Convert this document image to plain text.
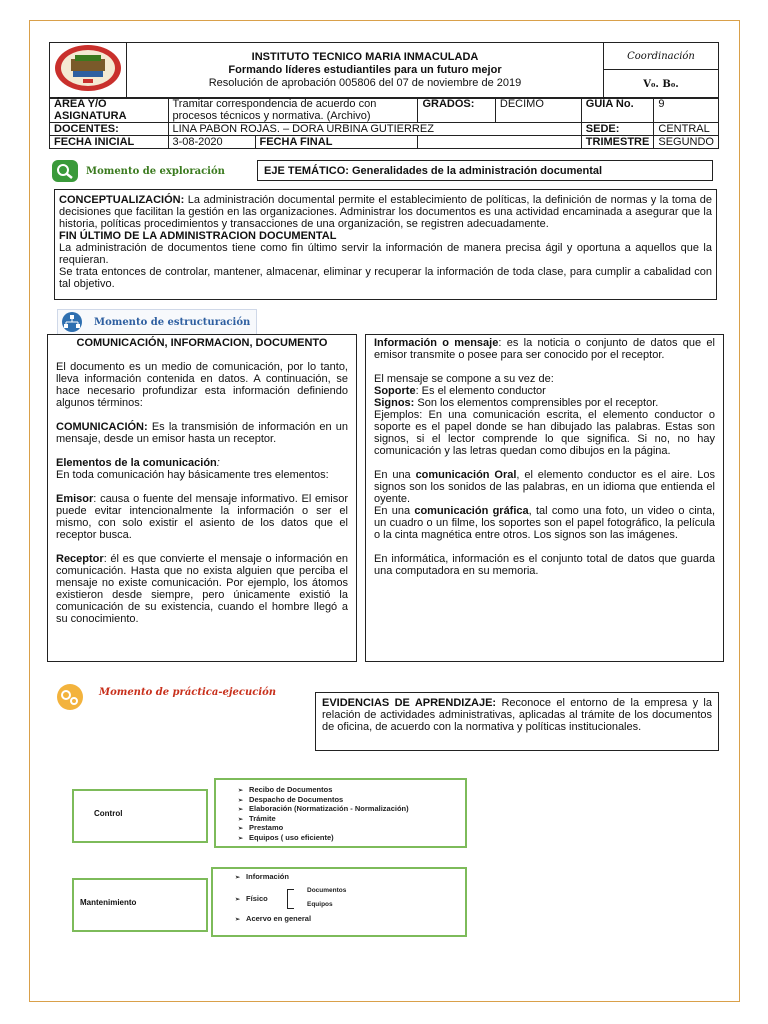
INSTITUTO TECNICO MARIA INMACULADA
Formando líderes estudiantiles para un futuro mejor
Resolución de aprobación 005806 del 07 de noviembre de 2019
	Coordinación
V₀. B₀.
ÁREA Y/O ASIGNATURA	Tramitar correspondencia de acuerdo con procesos técnicos y normativa. (Archivo)	GRADOS:	DECIMO	GUÍA No.	9
DOCENTES:	LINA PABON ROJAS. – DORA URBINA GUTIERREZ			SEDE:	CENTRAL
FECHA INICIAL	3-08-2020 FECHA FINAL			TRIMESTRE	SEGUNDO
Momento de exploración	EJE TEMÁTICO: Generalidades de la administración documental

CONCEPTUALIZACIÓN: La administración documental permite el establecimiento de políticas, la definición de normas y la toma de decisiones que facilitan la gestión en las organizaciones. Administrar los documentos es una actividad encaminada a asegurar que la historia, políticas procedimientos y transacciones de una organización, se registren adecuadamente.

FIN ÚLTIMO DE LA ADMINISTRACION DOCUMENTAL

La administración de documentos tiene como fin último servir la información de manera precisa ágil y oportuna a aquellos que la requieran.

Se trata entonces de controlar, mantener, almacenar, eliminar y recuperar la información de toda clase, para cumplir a cabalidad con tal objetivo.

Momento de estructuración

COMUNICACIÓN, INFORMACION, DOCUMENTO

El documento es un medio de comunicación, por lo tanto, lleva información contenida en datos. A continuación, se hace necesario profundizar esta información definiendo algunos términos:

COMUNICACIÓN: Es la transmisión de información en un mensaje, desde un emisor hasta un receptor.

Elementos de la comunicación:

En toda comunicación hay básicamente tres elementos:

Emisor: causa o fuente del mensaje informativo. El emisor puede evitar intencionalmente la información o ser el mismo, con solo existir el asiento de los datos que el receptor busca.

Receptor: él es que convierte el mensaje o información en comunicación. Hasta que no exista alguien que perciba el mensaje no existe comunicación. Por ejemplo, los átomos existieron desde siempre, pero únicamente existió la comunicación de su existencia, cuando el hombre llegó a su conocimiento.

Información o mensaje: es la noticia o conjunto de datos que el emisor transmite o posee para ser conocido por el receptor.

El mensaje se compone a su vez de:

Soporte: Es el elemento conductor

Signos: Son los elementos comprensibles por el receptor.

Ejemplos: En una comunicación escrita, el elemento conductor o soporte es el papel donde se han dibujado las palabras. Estas son signos, si el lector comprende lo que significa. Si no, no hay comunicación y las letras quedan como dibujos en la página.

En una comunicación Oral, el elemento conductor es el aire. Los signos son los sonidos de las palabras, en un idioma que entienda el oyente.

En una comunicación gráfica, tal como una foto, un video o cinta, un cuadro o un filme, los soportes son el papel fotográfico, la película o la cinta magnética entre otros. Los signos son las imágenes.

En informática, información es el conjunto total de datos que guarda una computadora en su memoria.

Momento de práctica-ejecución

EVIDENCIAS DE APRENDIZAJE: Reconoce el entorno de la empresa y la relación de actividades administrativas, aplicadas al trámite de los documentos de oficina, de acuerdo con la normativa y políticas institucionales.

Control
➢ Recibo de Documentos
➢ Despacho de Documentos
➢ Elaboración (Normatización - Normalización)
➢ Trámite
➢ Prestamo
➢ Equipos ( uso eficiente)
Mantenimiento
➢ Información
➢ Físico
Documentos
Equipos
➢ Acervo en general
